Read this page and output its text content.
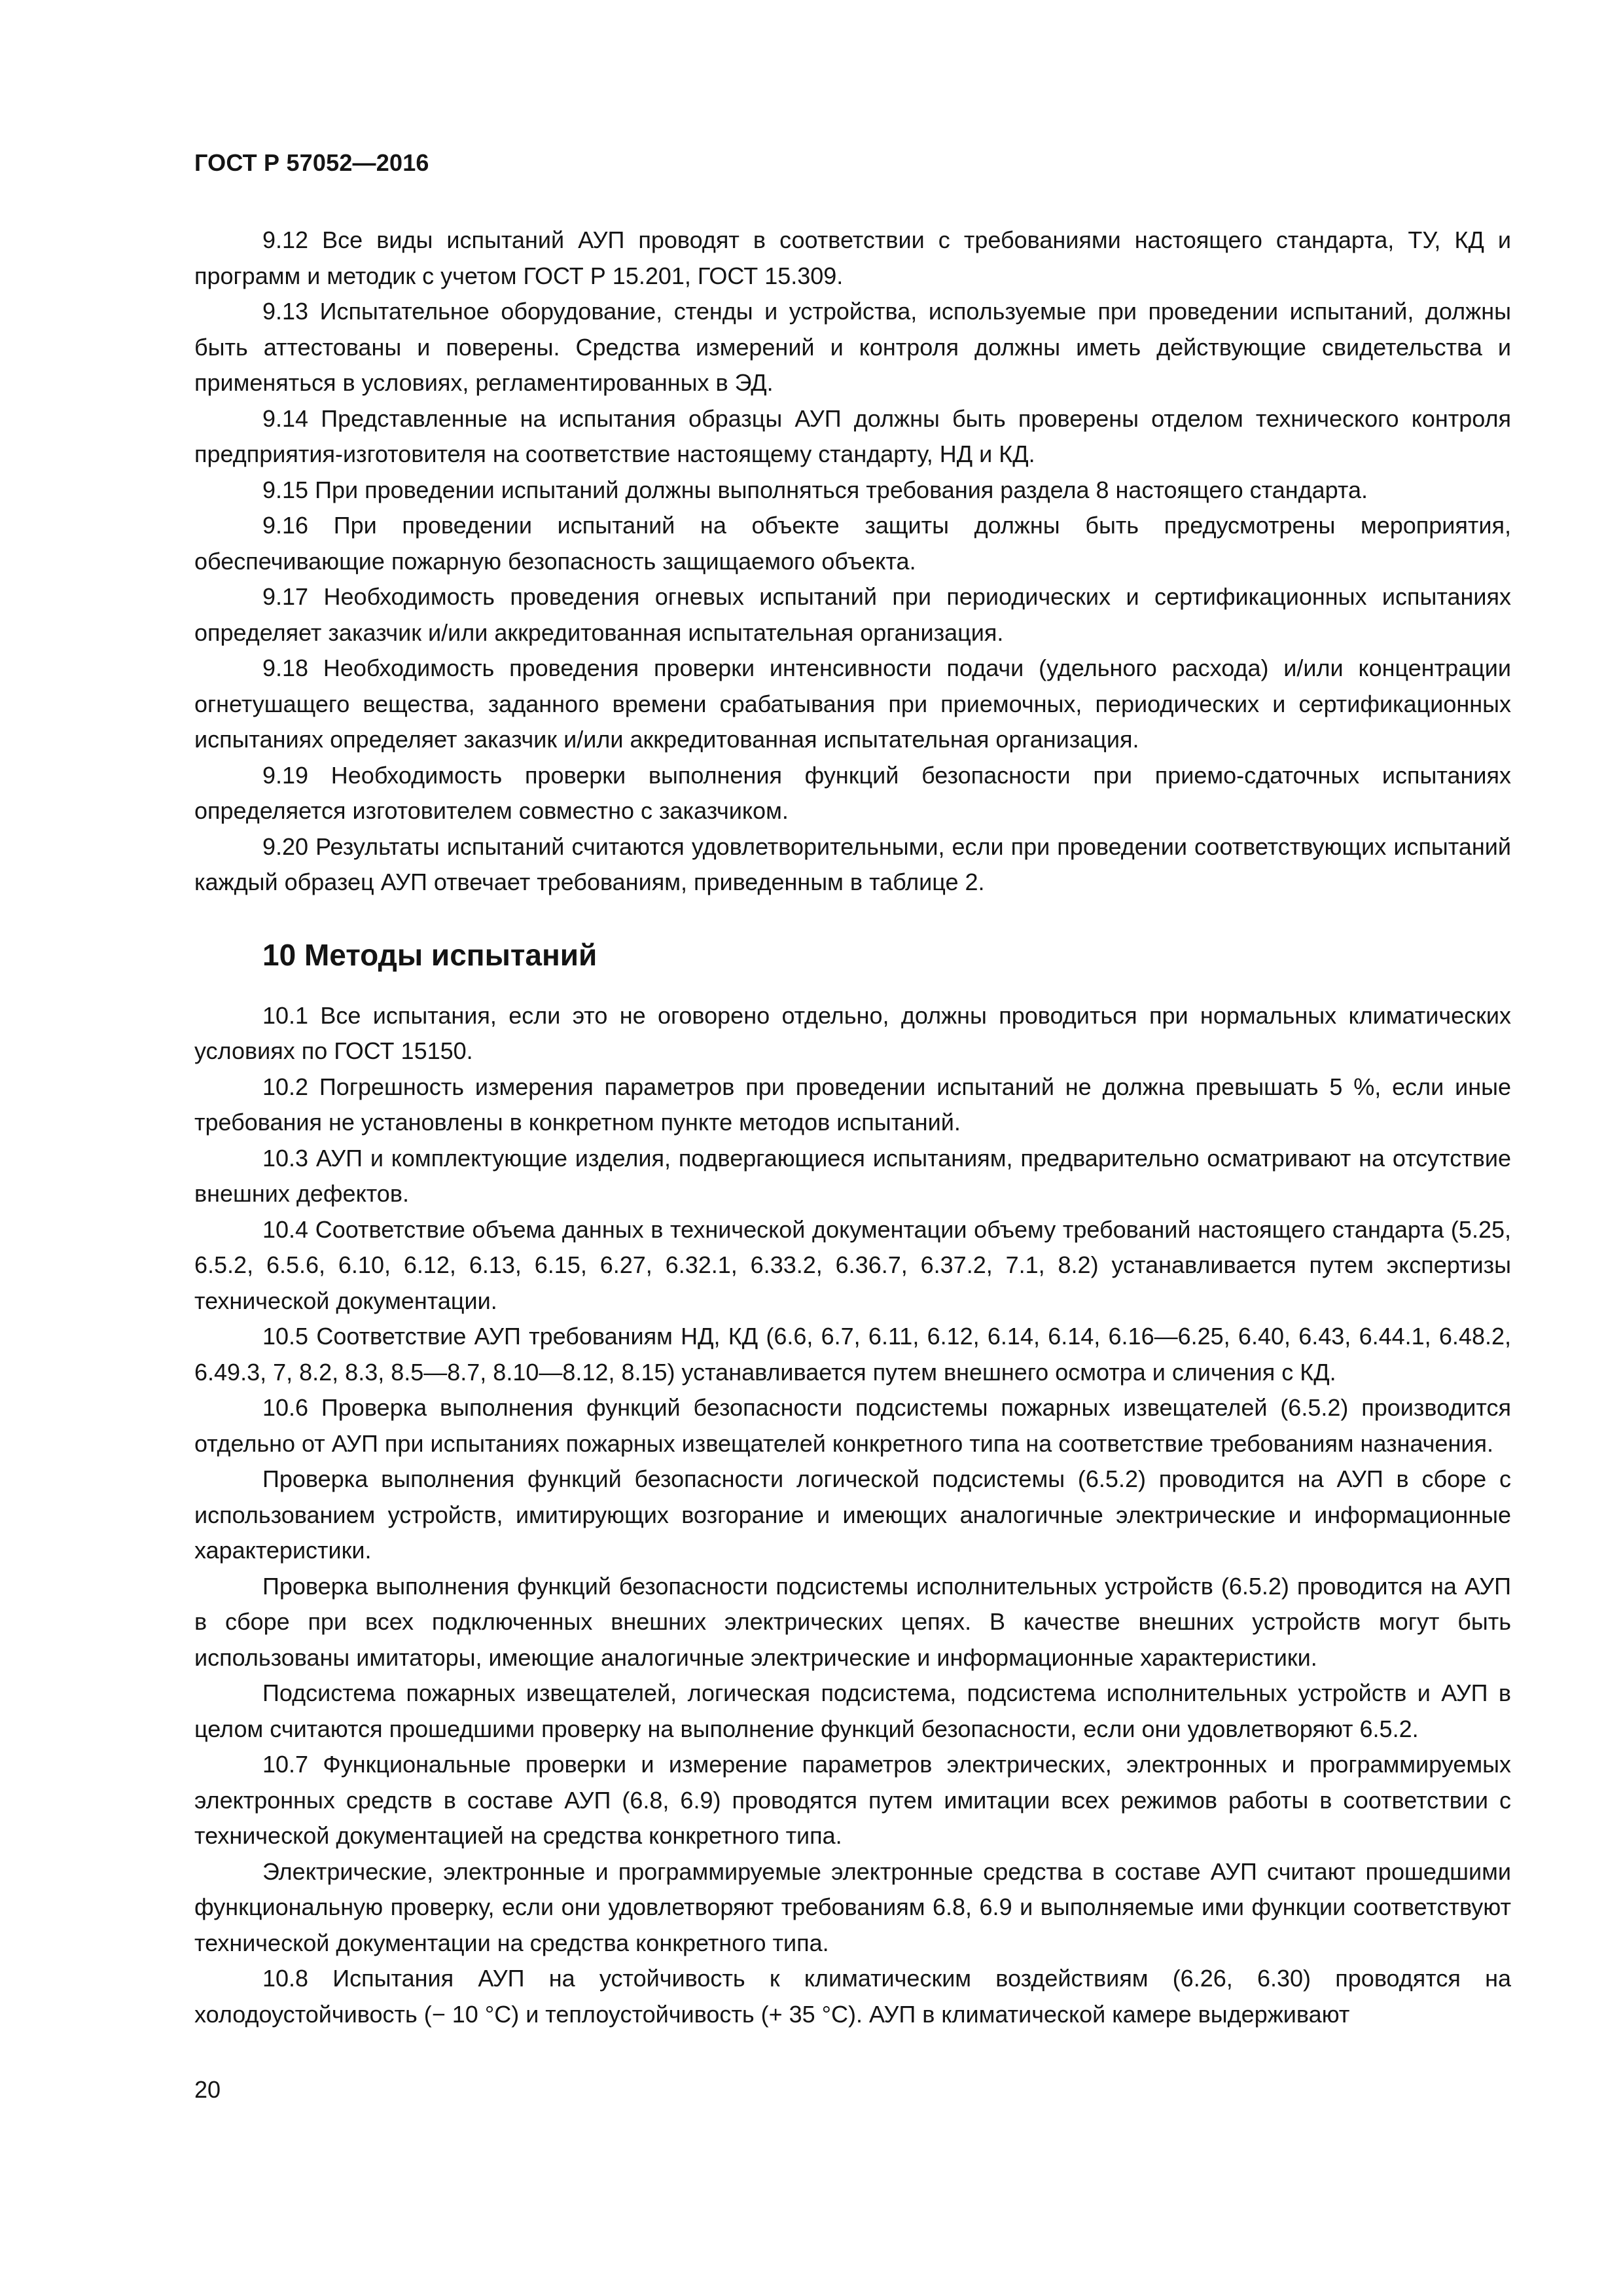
ГОСТ Р 57052—2016

9.12 Все виды испытаний АУП проводят в соответствии с требованиями настоящего стандарта, ТУ, КД и программ и методик с учетом ГОСТ Р 15.201, ГОСТ 15.309.

9.13 Испытательное оборудование, стенды и устройства, используемые при проведении испытаний, должны быть аттестованы и поверены. Средства измерений и контроля должны иметь действующие свидетельства и применяться в условиях, регламентированных в ЭД.

9.14 Представленные на испытания образцы АУП должны быть проверены отделом технического контроля предприятия-изготовителя на соответствие настоящему стандарту, НД и КД.

9.15 При проведении испытаний должны выполняться требования раздела 8 настоящего стандарта.

9.16 При проведении испытаний на объекте защиты должны быть предусмотрены мероприятия, обеспечивающие пожарную безопасность защищаемого объекта.

9.17 Необходимость проведения огневых испытаний при периодических и сертификационных испытаниях определяет заказчик и/или аккредитованная испытательная организация.

9.18 Необходимость проведения проверки интенсивности подачи (удельного расхода) и/или концентрации огнетушащего вещества, заданного времени срабатывания при приемочных, периодических и сертификационных испытаниях определяет заказчик и/или аккредитованная испытательная организация.

9.19 Необходимость проверки выполнения функций безопасности при приемо-сдаточных испытаниях определяется изготовителем совместно с заказчиком.

9.20 Результаты испытаний считаются удовлетворительными, если при проведении соответствующих испытаний каждый образец АУП отвечает требованиям, приведенным в таблице 2.

10 Методы испытаний

10.1 Все испытания, если это не оговорено отдельно, должны проводиться при нормальных климатических условиях по ГОСТ 15150.

10.2 Погрешность измерения параметров при проведении испытаний не должна превышать 5 %, если иные требования не установлены в конкретном пункте методов испытаний.

10.3 АУП и комплектующие изделия, подвергающиеся испытаниям, предварительно осматривают на отсутствие внешних дефектов.

10.4 Соответствие объема данных в технической документации объему требований настоящего стандарта (5.25, 6.5.2, 6.5.6, 6.10, 6.12, 6.13, 6.15, 6.27, 6.32.1, 6.33.2, 6.36.7, 6.37.2, 7.1, 8.2) устанавливается путем экспертизы технической документации.

10.5 Соответствие АУП требованиям НД, КД (6.6, 6.7, 6.11, 6.12, 6.14, 6.14, 6.16—6.25, 6.40, 6.43, 6.44.1, 6.48.2, 6.49.3, 7, 8.2, 8.3, 8.5—8.7, 8.10—8.12, 8.15) устанавливается путем внешнего осмотра и сличения с КД.

10.6 Проверка выполнения функций безопасности подсистемы пожарных извещателей (6.5.2) производится отдельно от АУП при испытаниях пожарных извещателей конкретного типа на соответствие требованиям назначения.

Проверка выполнения функций безопасности логической подсистемы (6.5.2) проводится на АУП в сборе с использованием устройств, имитирующих возгорание и имеющих аналогичные электрические и информационные характеристики.

Проверка выполнения функций безопасности подсистемы исполнительных устройств (6.5.2) проводится на АУП в сборе при всех подключенных внешних электрических цепях. В качестве внешних устройств могут быть использованы имитаторы, имеющие аналогичные электрические и информационные характеристики.

Подсистема пожарных извещателей, логическая подсистема, подсистема исполнительных устройств и АУП в целом считаются прошедшими проверку на выполнение функций безопасности, если они удовлетворяют 6.5.2.

10.7 Функциональные проверки и измерение параметров электрических, электронных и программируемых электронных средств в составе АУП (6.8, 6.9) проводятся путем имитации всех режимов работы в соответствии с технической документацией на средства конкретного типа.

Электрические, электронные и программируемые электронные средства в составе АУП считают прошедшими функциональную проверку, если они удовлетворяют требованиям 6.8, 6.9 и выполняемые ими функции соответствуют технической документации на средства конкретного типа.

10.8 Испытания АУП на устойчивость к климатическим воздействиям (6.26, 6.30) проводятся на холодоустойчивость (− 10 °С) и теплоустойчивость (+ 35 °С). АУП в климатической камере выдерживают

20
